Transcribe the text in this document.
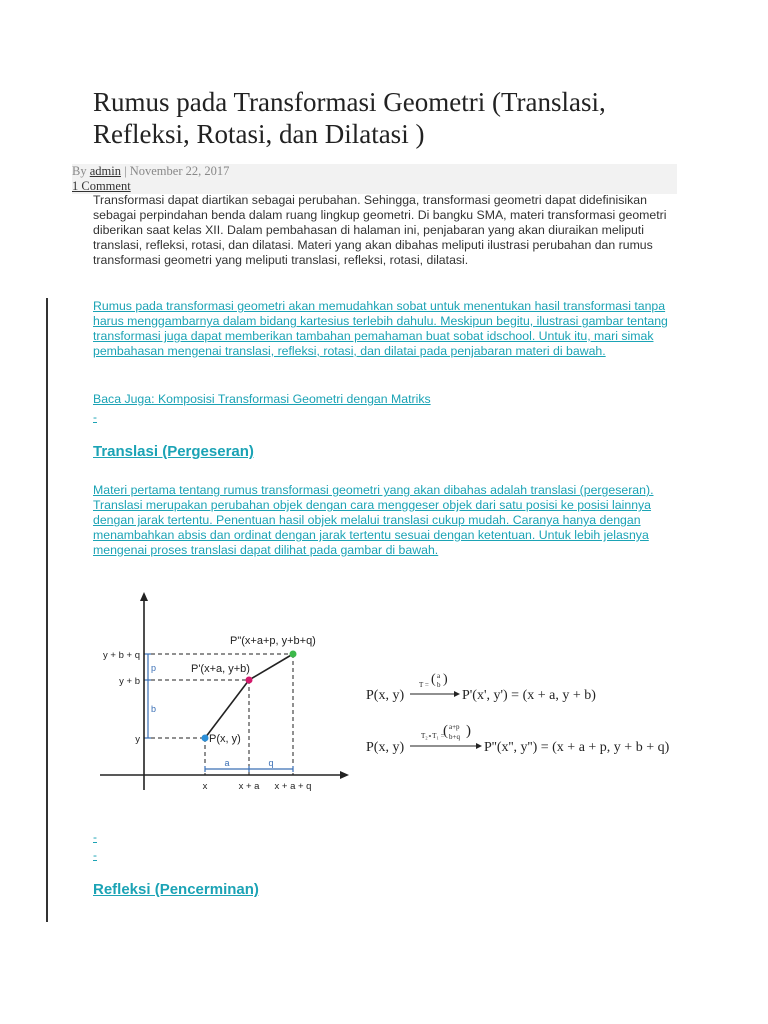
Rumus pada Transformasi Geometri (Translasi, Refleksi, Rotasi, dan Dilatasi )
By admin | November 22, 2017
1 Comment

Transformasi dapat diartikan sebagai perubahan. Sehingga, transformasi geometri dapat didefinisikan sebagai perpindahan benda dalam ruang lingkup geometri. Di bangku SMA, materi transformasi geometri diberikan saat kelas XII. Dalam pembahasan di halaman ini, penjabaran yang akan diuraikan meliputi translasi, refleksi, rotasi, dan dilatasi. Materi yang akan dibahas meliputi ilustrasi perubahan dan rumus transformasi geometri yang meliputi translasi, refleksi, rotasi, dilatasi.

Rumus pada transformasi geometri akan memudahkan sobat untuk menentukan hasil transformasi tanpa harus menggambarnya dalam bidang kartesius terlebih dahulu. Meskipun begitu, ilustrasi gambar tentang transformasi juga dapat memberikan tambahan pemahaman buat sobat idschool. Untuk itu, mari simak pembahasan mengenai translasi, refleksi, rotasi, dan dilatai pada penjabaran materi di bawah.

Baca Juga: Komposisi Transformasi Geometri dengan Matriks

-
Translasi (Pergeseran)

Materi pertama tentang rumus transformasi geometri yang akan dibahas adalah translasi (pergeseran). Translasi merupakan perubahan objek dengan cara menggeser objek dari satu posisi ke posisi lainnya dengan jarak tertentu. Penentuan hasil objek melalui translasi cukup mudah. Caranya hanya dengan menambahkan absis dan ordinat dengan jarak tertentu sesuai dengan ketentuan. Untuk lebih jelasnya mengenai proses translasi dapat dilihat pada gambar di bawah.

y + b + q
y + b
y
x	x + a x + a + q
p
b
a	q
P(x, y)
P'(x+a, y+b)
P"(x+a+p, y+b+q)
P(x, y)
T = ( a
b )
P'(x', y') = (x + a, y + b)
P(x, y)
T₂∘T₁ =
( a+p
b+q )
P''(x'', y'') = (x + a + p, y + b + q)
-
-
Refleksi (Pencerminan)
